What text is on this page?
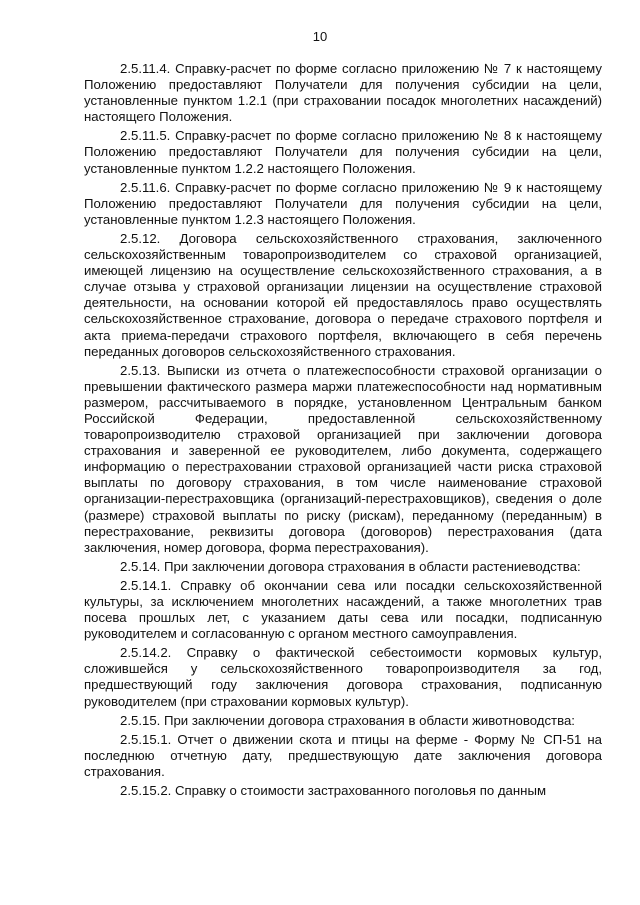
10

2.5.11.4. Справку-расчет по форме согласно приложению № 7 к настоящему Положению предоставляют Получатели для получения субсидии на цели, установленные пунктом 1.2.1 (при страховании посадок многолетних насаждений) настоящего Положения.

2.5.11.5. Справку-расчет по форме согласно приложению № 8 к настоящему Положению предоставляют Получатели для получения субсидии на цели, установленные пунктом 1.2.2 настоящего Положения.

2.5.11.6. Справку-расчет по форме согласно приложению № 9 к настоящему Положению предоставляют Получатели для получения субсидии на цели, установленные пунктом 1.2.3 настоящего Положения.

2.5.12. Договора сельскохозяйственного страхования, заключенного сельскохозяйственным товаропроизводителем со страховой организацией, имеющей лицензию на осуществление сельскохозяйственного страхования, а в случае отзыва у страховой организации лицензии на осуществление страховой деятельности, на основании которой ей предоставлялось право осуществлять сельскохозяйственное страхование, договора о передаче страхового портфеля и акта приема-передачи страхового портфеля, включающего в себя перечень переданных договоров сельскохозяйственного страхования.

2.5.13. Выписки из отчета о платежеспособности страховой организации о превышении фактического размера маржи платежеспособности над нормативным размером, рассчитываемого в порядке, установленном Центральным банком Российской Федерации, предоставленной сельскохозяйственному товаропроизводителю страховой организацией при заключении договора страхования и заверенной ее руководителем, либо документа, содержащего информацию о перестраховании страховой организацией части риска страховой выплаты по договору страхования, в том числе наименование страховой организации-перестраховщика (организаций-перестраховщиков), сведения о доле (размере) страховой выплаты по риску (рискам), переданному (переданным) в перестрахование, реквизиты договора (договоров) перестрахования (дата заключения, номер договора, форма перестрахования).

2.5.14. При заключении договора страхования в области растениеводства:

2.5.14.1. Справку об окончании сева или посадки сельскохозяйственной культуры, за исключением многолетних насаждений, а также многолетних трав посева прошлых лет, с указанием даты сева или посадки, подписанную руководителем и согласованную с органом местного самоуправления.

2.5.14.2. Справку о фактической себестоимости кормовых культур, сложившейся у сельскохозяйственного товаропроизводителя за год, предшествующий году заключения договора страхования, подписанную руководителем (при страховании кормовых культур).

2.5.15. При заключении договора страхования в области животноводства:

2.5.15.1. Отчет о движении скота и птицы на ферме - Форму № СП-51 на последнюю отчетную дату, предшествующую дате заключения договора страхования.

2.5.15.2. Справку о стоимости застрахованного поголовья по данным
